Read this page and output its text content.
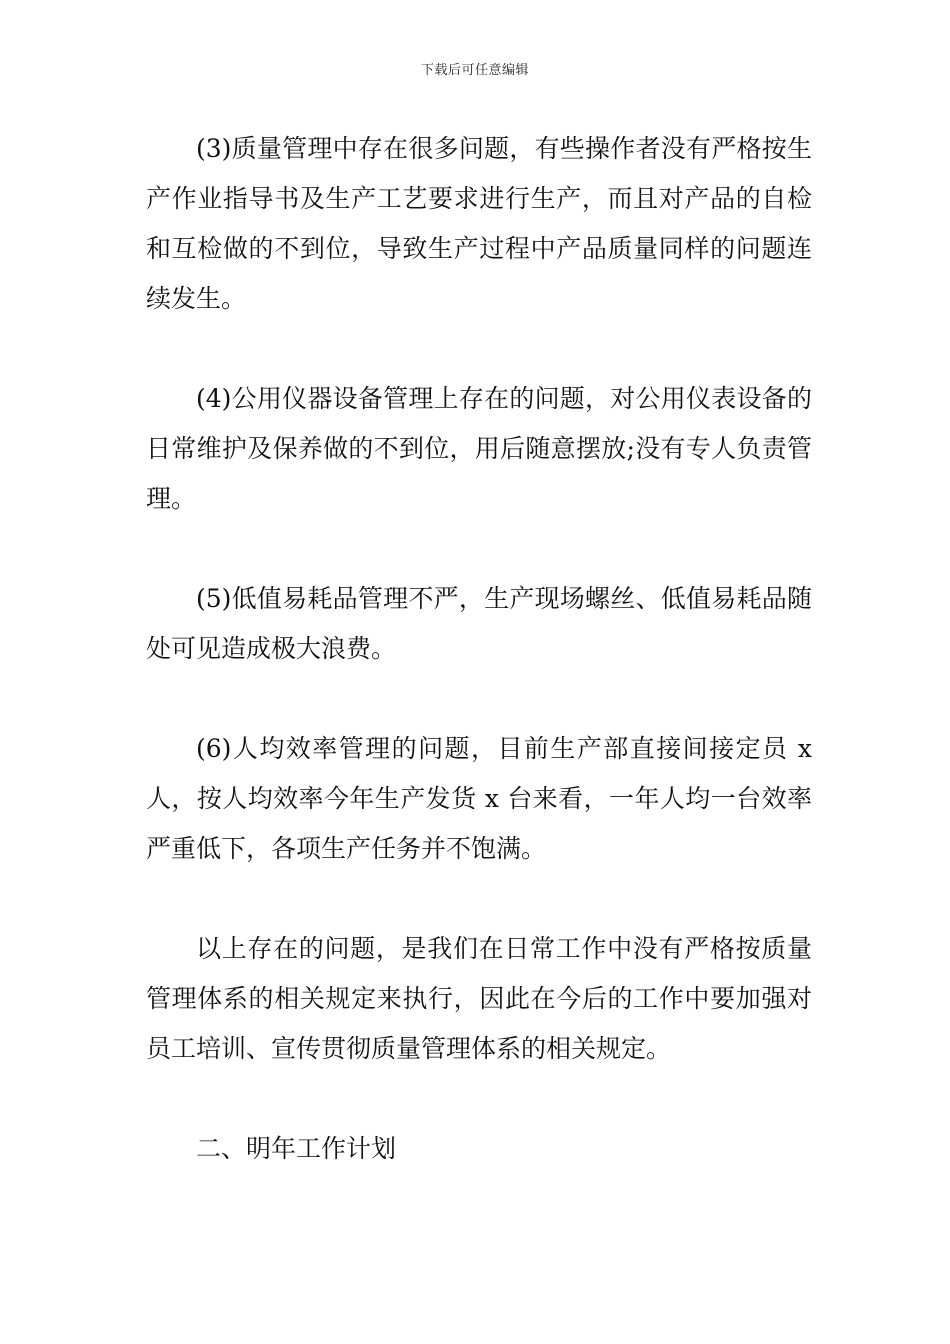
下载后可任意编辑

(3)质量管理中存在很多问题，有些操作者没有严格按生产作业指导书及生产工艺要求进行生产，而且对产品的自检和互检做的不到位，导致生产过程中产品质量同样的问题连续发生。

(4)公用仪器设备管理上存在的问题，对公用仪表设备的日常维护及保养做的不到位，用后随意摆放;没有专人负责管理。

(5)低值易耗品管理不严，生产现场螺丝、低值易耗品随处可见造成极大浪费。

(6)人均效率管理的问题，目前生产部直接间接定员 x 人，按人均效率今年生产发货 x 台来看，一年人均一台效率严重低下，各项生产任务并不饱满。

以上存在的问题，是我们在日常工作中没有严格按质量管理体系的相关规定来执行，因此在今后的工作中要加强对员工培训、宣传贯彻质量管理体系的相关规定。

二、明年工作计划
